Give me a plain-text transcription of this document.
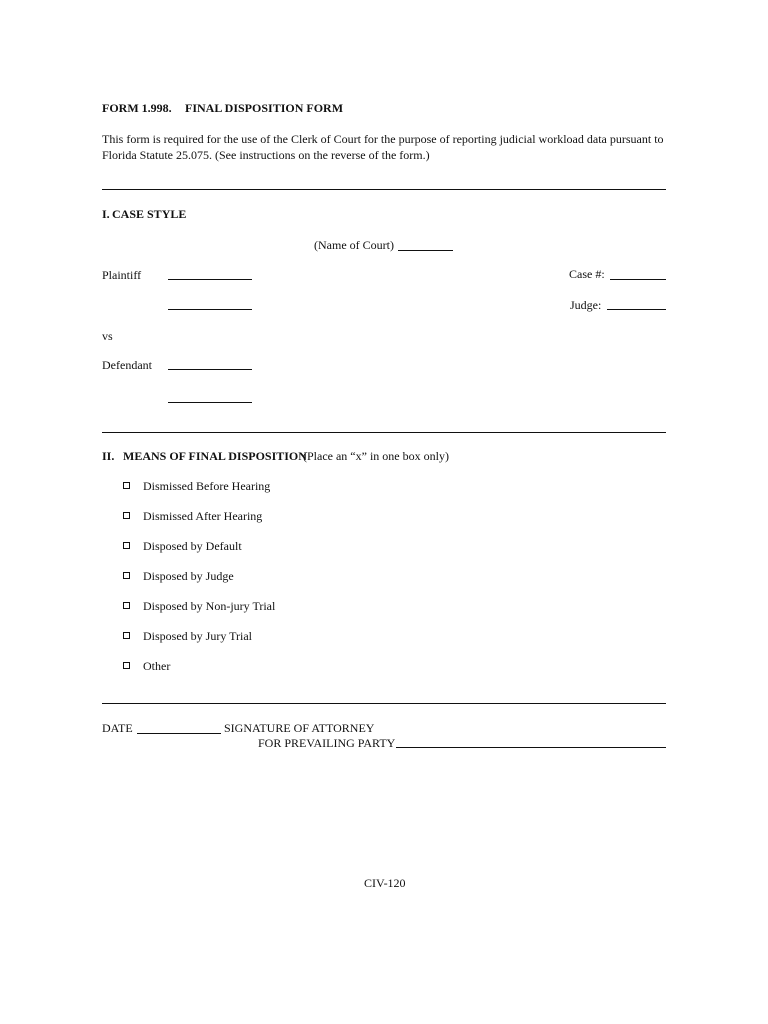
FORM 1.998. FINAL DISPOSITION FORM
This form is required for the use of the Clerk of Court for the purpose of reporting judicial workload data pursuant to Florida Statute 25.075. (See instructions on the reverse of the form.)
I. CASE STYLE
(Name of Court)
Plaintiff	Case #:
Judge:
vs
Defendant
II. MEANS OF FINAL DISPOSITION
(Place an “x” in one box only)
Dismissed Before Hearing
Dismissed After Hearing
Disposed by Default
Disposed by Judge
Disposed by Non-jury Trial
Disposed by Jury Trial
Other
DATE	SIGNATURE OF ATTORNEY
FOR PREVAILING PARTY
CIV-120
